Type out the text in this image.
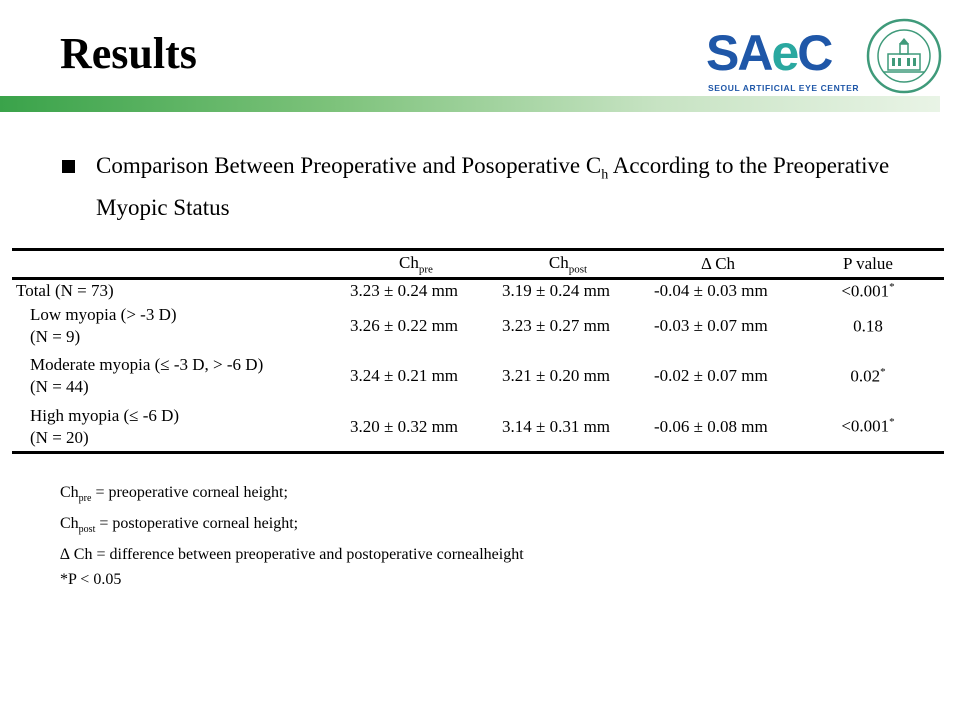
Results	SAeC
SEOUL ARTIFICIAL EYE CENTER
Comparison Between Preoperative and Posoperative $C_h$ According to the Preoperative Myopic Status
	$Ch_{pre}$	$Ch_{post}$	Δ Ch	P value

Total (N = 73)	3.23 ± 0.24 mm	3.19 ± 0.24 mm	-0.04 ± 0.03 mm	<0.001*

Low myopia (> -3 D)
(N = 9)	3.26 ± 0.22 mm	3.23 ± 0.27 mm	-0.03 ± 0.07 mm	0.18

Moderate myopia (≤ -3 D, > -6 D)
(N = 44)	3.24 ± 0.21 mm	3.21 ± 0.20 mm	-0.02 ± 0.07 mm	0.02*

High myopia (≤ -6 D)
(N = 20)	3.20 ± 0.32 mm	3.14 ± 0.31 mm	-0.06 ± 0.08 mm	<0.001*
$Ch_{pre}$ = preoperative corneal height;
$Ch_{post}$ = postoperative corneal height;
∆ Ch = difference between preoperative and postoperative cornealheight
*P < 0.05
